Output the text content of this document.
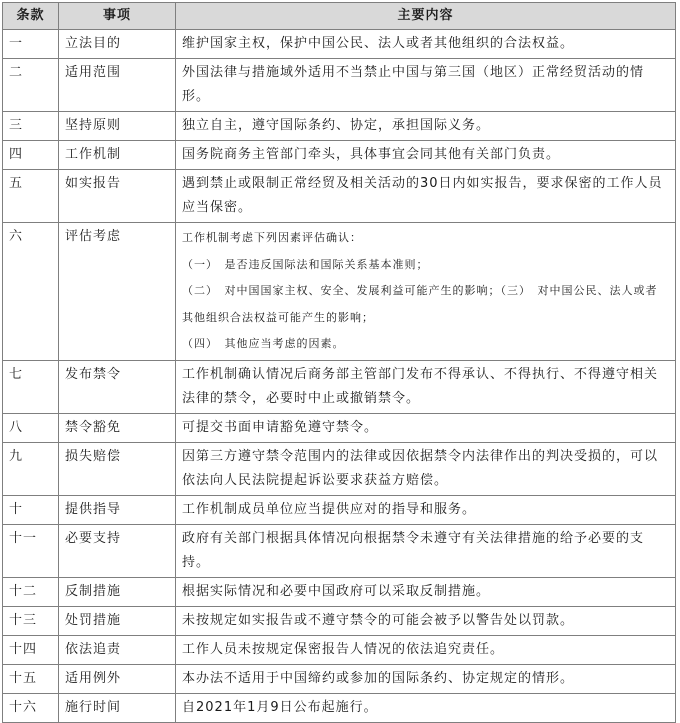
条款	事项	主要内容
一	立法目的	维护国家主权，保护中国公民、法人或者其他组织的合法权益。

二	适用范围	外国法律与措施域外适用不当禁止中国与第三国（地区）正常经贸活动的情形。

三	坚持原则	独立自主，遵守国际条约、协定，承担国际义务。

四	工作机制	国务院商务主管部门牵头，具体事宜会同其他有关部门负责。

五	如实报告	遇到禁止或限制正常经贸及相关活动的30日内如实报告，要求保密的工作人员应当保密。

六	评估考虑	工作机制考虑下列因素评估确认：
（一）　是否违反国际法和国际关系基本准则；
（二）　对中国国家主权、安全、发展利益可能产生的影响；（三）　对中国公民、法人或者其他组织合法权益可能产生的影响；
（四）　其他应当考虑的因素。

七	发布禁令	工作机制确认情况后商务部主管部门发布不得承认、不得执行、不得遵守相关法律的禁令，必要时中止或撤销禁令。

八	禁令豁免	可提交书面申请豁免遵守禁令。

九	损失赔偿	因第三方遵守禁令范围内的法律或因依据禁令内法律作出的判决受损的，可以依法向人民法院提起诉讼要求获益方赔偿。

十	提供指导	工作机制成员单位应当提供应对的指导和服务。

十一	必要支持	政府有关部门根据具体情况向根据禁令未遵守有关法律措施的给予必要的支持。

十二	反制措施	根据实际情况和必要中国政府可以采取反制措施。

十三	处罚措施	未按规定如实报告或不遵守禁令的可能会被予以警告处以罚款。

十四	依法追责	工作人员未按规定保密报告人情况的依法追究责任。

十五	适用例外	本办法不适用于中国缔约或参加的国际条约、协定规定的情形。

十六	施行时间	自2021年1月9日公布起施行。
